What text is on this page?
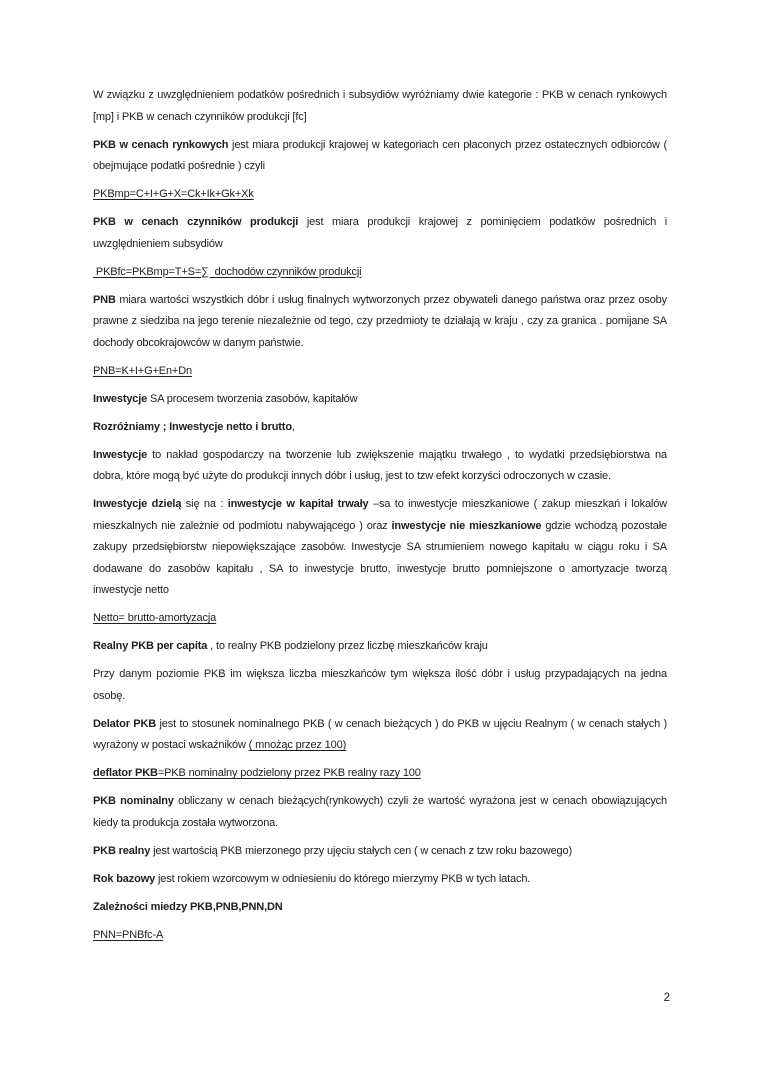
W związku z uwzględnieniem podatków pośrednich i subsydiów wyróżniamy dwie kategorie : PKB w cenach rynkowych [mp] i PKB w cenach czynników produkcji [fc]

PKB w cenach rynkowych jest miara produkcji krajowej w kategoriach cen płaconych przez ostatecznych odbiorców ( obejmujące podatki pośrednie ) czyli

PKBmp=C+I+G+X=Ck+Ik+Gk+Xk

PKB w cenach czynników produkcji jest miara produkcji krajowej z pominięciem podatków pośrednich i uwzględnieniem subsydiów

PKBfc=PKBmp=T+S=∑  dochodów czynników produkcji

PNB miara wartości wszystkich dóbr i usług finalnych wytworzonych przez obywateli danego państwa oraz przez osoby prawne z siedziba na jego terenie niezależnie od tego, czy przedmioty te działają w kraju , czy za granica . pomijane SA dochody obcokrajowców w danym państwie.

PNB=K+I+G+En+Dn

Inwestycje SA procesem tworzenia zasobów, kapitałów

Rozróżniamy ; Inwestycje netto i brutto,

Inwestycje to nakład gospodarczy na tworzenie lub zwiększenie majątku trwałego , to wydatki przedsiębiorstwa na dobra, które mogą być użyte do produkcji innych dóbr i usług, jest to tzw efekt korzyści odroczonych w czasie.

Inwestycje dzielą się na : inwestycje w kapitał trwały –sa to inwestycje mieszkaniowe ( zakup mieszkań i lokalów mieszkalnych nie zależnie od podmiotu nabywającego ) oraz inwestycje nie mieszkaniowe gdzie wchodzą pozostałe zakupy przedsiębiorstw niepowiększające zasobów. Inwestycje SA strumieniem nowego kapitału w ciągu roku i SA dodawane do zasobów kapitału , SA to inwestycje brutto, inwestycje brutto pomniejszone o amortyzacje tworzą inwestycje netto

Netto= brutto-amortyzacja

Realny PKB per capita , to realny PKB podzielony przez liczbę mieszkańców kraju

Przy danym poziomie PKB im większa liczba mieszkańców tym większa ilość dóbr i usług przypadających na jedna osobę.

Delator PKB jest to stosunek nominalnego PKB ( w cenach bieżących ) do PKB w ujęciu Realnym ( w cenach stałych ) wyrażony w postaci wskaźników ( mnożąc przez 100)

deflator PKB=PKB nominalny podzielony przez PKB realny razy 100

PKB nominalny obliczany w cenach bieżących(rynkowych) czyli że wartość wyrażona jest w cenach obowiązujących kiedy ta produkcja została wytworzona.

PKB realny jest wartością PKB mierzonego przy ujęciu stałych cen ( w cenach z tzw roku bazowego)

Rok bazowy jest rokiem wzorcowym w odniesieniu do którego mierzymy PKB w tych latach.

Zależności miedzy PKB,PNB,PNN,DN

PNN=PNBfc-A

2
